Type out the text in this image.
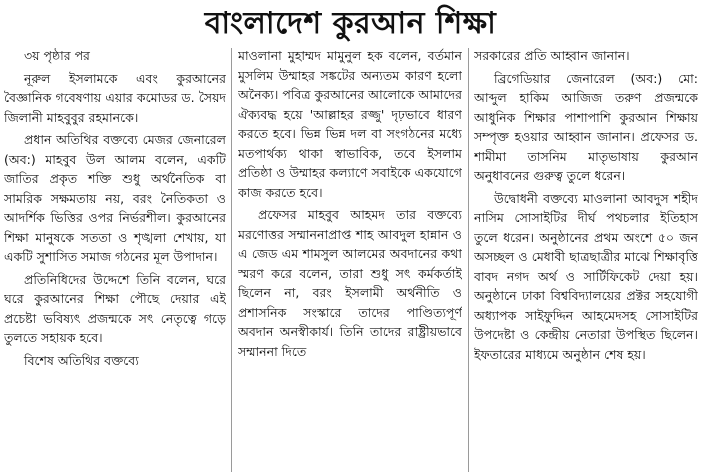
বাংলাদেশ কুরআন শিক্ষা

৩য় পৃষ্ঠার পর

নূরুল ইসলামকে এবং কুরআনের বৈজ্ঞানিক গবেষণায় এয়ার কমোডর ড. সৈয়দ জিলানী মাহবুবুর রহমানকে।

প্রধান অতিথির বক্তব্যে মেজর জেনারেল (অব:) মাহবুব উল আলম বলেন, একটি জাতির প্রকৃত শক্তি শুধু অর্থনৈতিক বা সামরিক সক্ষমতায় নয়, বরং নৈতিকতা ও আদর্শিক ভিত্তির ওপর নির্ভরশীল। কুরআনের শিক্ষা মানুষকে সততা ও শৃঙ্খলা শেখায়, যা একটি সুশাসিত সমাজ গঠনের মূল উপাদান।

প্রতিনিধিদের উদ্দেশে তিনি বলেন, ঘরে ঘরে কুরআনের শিক্ষা পৌছে দেয়ার এই প্রচেষ্টা ভবিষ্যৎ প্রজন্মকে সৎ নেতৃত্বে গড়ে তুলতে সহায়ক হবে।

বিশেষ অতিথির বক্তব্যে

মাওলানা মুহাম্মদ মামুনুল হক বলেন, বর্তমান মুসলিম উম্মাহর সঙ্কটের অন্যতম কারণ হলো অনৈক্য। পবিত্র কুরআনের আলোকে আমাদের ঐক্যবদ্ধ হয়ে 'আল্লাহর রজ্জু' দৃঢ়ভাবে ধারণ করতে হবে। ভিন্ন ভিন্ন দল বা সংগঠনের মধ্যে মতপার্থক্য থাকা স্বাভাবিক, তবে ইসলাম প্রতিষ্ঠা ও উম্মাহর কল্যাণে সবাইকে একযোগে কাজ করতে হবে।

প্রফেসর মাহবুব আহমদ তার বক্তব্যে মরণোত্তর সম্মাননাপ্রাপ্ত শাহ আবদুল হান্নান ও এ জেড এম শামসুল আলমের অবদানের কথা স্মরণ করে বলেন, তারা শুধু সৎ কর্মকর্তাই ছিলেন না, বরং ইসলামী অর্থনীতি ও প্রশাসনিক সংস্কারে তাদের পাণ্ডিত্যপূর্ণ অবদান অনস্বীকার্য। তিনি তাদের রাষ্ট্রীয়ভাবে সম্মাননা দিতে

সরকারের প্রতি আহ্বান জানান।

ব্রিগেডিয়ার জেনারেল (অব:) মো: আব্দুল হাকিম আজিজ তরুণ প্রজন্মকে আধুনিক শিক্ষার পাশাপাশি কুরআন শিক্ষায় সম্পৃক্ত হওয়ার আহ্বান জানান। প্রফেসর ড. শামীমা তাসনিম মাতৃভাষায় কুরআন অনুধাবনের গুরুত্ব তুলে ধরেন।

উদ্বোধনী বক্তব্যে মাওলানা আবদুস শহীদ নাসিম সোসাইটির দীর্ঘ পথচলার ইতিহাস তুলে ধরেন। অনুষ্ঠানের প্রথম অংশে ৫০ জন অসচ্ছল ও মেধাবী ছাত্রছাত্রীর মাঝে শিক্ষাবৃত্তি বাবদ নগদ অর্থ ও সার্টিফিকেট দেয়া হয়। অনুষ্ঠানে ঢাকা বিশ্ববিদ্যালয়ের প্রক্টর সহযোগী অধ্যাপক সাইফুদ্দিন আহমেদসহ সোসাইটির উপদেষ্টা ও কেন্দ্রীয় নেতারা উপস্থিত ছিলেন। ইফতারের মাধ্যমে অনুষ্ঠান শেষ হয়।
